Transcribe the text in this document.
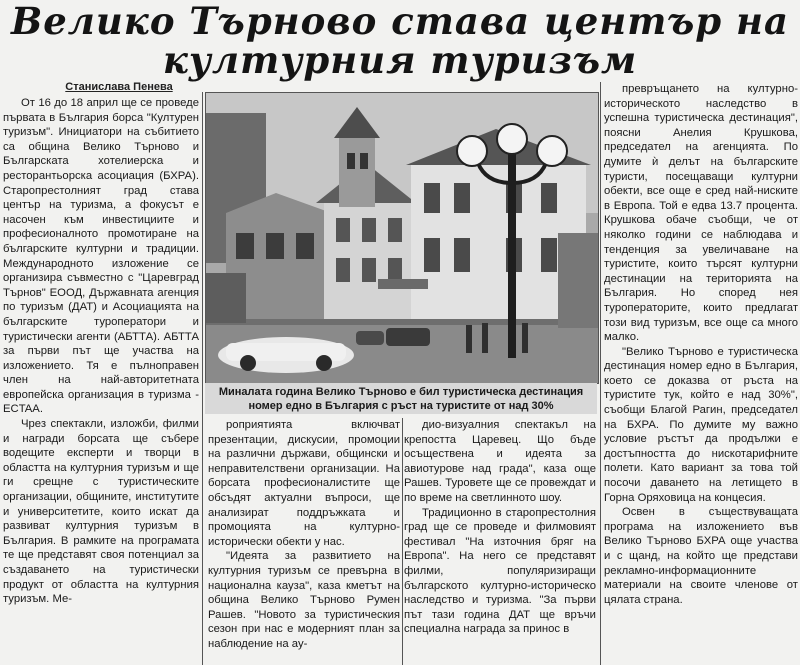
Велико Търново става център на
културния туризъм
Станислава Пенева

От 16 до 18 април ще се проведе първата в България борса "Културен туризъм". Инициатори на събитието са община Велико Търново и Българската хотелиерска и ресторантьорска асоциация (БХРА). Старопрестолният град става център на туризма, а фокусът е насочен към инвестициите и професионалното промотиране на българските културни и традиции. Международното изложение се организира съвместно с "Царевград Търнов" ЕООД, Държавната агенция по туризъм (ДАТ) и Асоциацията на българските туроператори и туристически агенти (АБТТА). АБТТА за първи път ще участва на изложението. Тя е пълноправен член на най-авторитетната европейска организация в туризма - ECTAA.

Чрез спектакли, изложби, филми и награди борсата ще събере водещите експерти и творци в областта на културния туризъм и ще ги срещне с туристическите организации, общините, институтите и университетите, които искат да развиват културния туризъм в България. В рамките на програмата те ще представят своя потенциал за създаването на туристически продукт от областта на културния туризъм. Ме-

Миналата година Велико Търново е бил туристическа дестинация
номер едно в България с ръст на туристите от над 30%

роприятията включват презентации, дискусии, промоции на различни държави, общински и неправителствени организации. На борсата професионалистите ще обсъдят актуални въпроси, ще анализират поддръжката и промоцията на културно-исторически обекти у нас.

"Идеята за развитието на културния туризъм се превърна в национална кауза", каза кметът на община Велико Търново Румен Рашев. "Новото за туристическия сезон при нас е модерният план за наблюдение на ау-

дио-визуалния спектакъл на крепостта Царевец. Що бъде осъществена и идеята за авиотурове над града", каза още Рашев. Туровете ще се провеждат и по време на светлинното шоу.

Традиционно в старопрестолния град ще се проведе и филмовият фестивал "На източния бряг на Европа". На него се представят филми, популяризиращи българското културно-историческо наследство и туризма. "За първи път тази година ДАТ ще връчи специална награда за принос в

превръщането на културно-историческото наследство в успешна туристическа дестинация", поясни Анелия Крушкова, председател на агенцията. По думите ѝ делът на българските туристи, посещаващи културни обекти, все още е сред най-ниските в Европа. Той е едва 13.7 процента. Крушкова обаче съобщи, че от няколко години се наблюдава и тенденция за увеличаване на туристите, които търсят културни дестинации на територията на България. Но според нея туроператорите, които предлагат този вид туризъм, все още са много малко.

"Велико Търново е туристическа дестинация номер едно в България, което се доказва от ръста на туристите тук, който е над 30%", съобщи Благой Рагин, председател на БХРА. По думите му важно условие ръстът да продължи е достъпността до нискотарифните полети. Като вариант за това той посочи даването на летището в Горна Оряховица на концесия.

Освен в съществуващата програма на изложението във Велико Търново БХРА още участва и с щанд, на който ще представи рекламно-информационните материали на своите членове от цялата страна.
